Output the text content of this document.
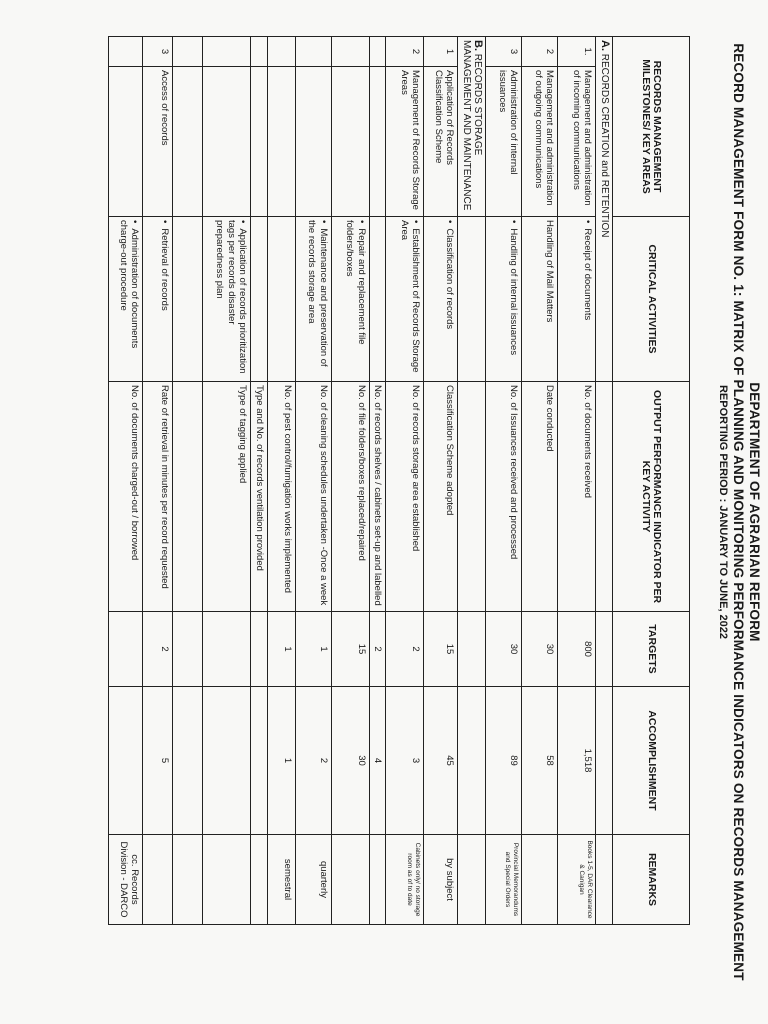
DEPARTMENT OF AGRARIAN REFORM
RECORD MANAGEMENT FORM NO. 1: MATRIX OF PLANNING AND MONITORING PERFORMANCE INDICATORS ON RECORDS MANAGEMENT
REPORTING PERIOD : JANUARY TO JUNE, 2022
RECORDS MANAGEMENT MILESTONES/ KEY AREAS		CRITICAL ACTIVITIES	OUTPUT PERFORMANCE INDICATOR PER KEY ACTIVITY	TARGETS	ACCOMPLISHMENT	REMARKS
A. RECORDS CREATION and RETENTION						
1.	Management and administration of incoming communications	• Receipt of documents	No. of documents received	800	1,518	Books 1-5, DAR Clearance & Canigan
2	Management and administration of outgoing communications	Handling of Mail Matters	Date conducted	30	58	
3	Administration of internal issuances	• Handling of internal issuances	No. of Issuances received and processed	30	89	Provincial Memorandums and Special Orders
B. RECORDS STORAGE MANAGEMENT AND MAINTENANCE						
1	Application of Records Classification Scheme	• Classification of records	Classification Scheme adopted	15	45	by subject
2	Management of Records Storage Areas	• Establishment of Records Storage Area	No. of records storage area established	2	3	Cabinets only/ no storage room as of to date
			No. of records shelves / cabinets set-up and labelled	2	4	
		• Repair and replacement file folders/boxes	No. of file folders/boxes replaced/repaired	15	30	
		• Maintenance and preservation of the records storage area	No. of cleaning schedules undertaken -Once a week	1	2	quarterly
			No. of pest control/fumigation works implemented	1	1	semestral
			Type and No. of records ventilation provided			
		• Application of records prioritization tags per records disaster preparedness plan	Type of tagging applied			

3	Access of records	• Retrieval of records	Rate of retrieval in minutes per record requested	2	5	
		• Administration of documents charge-out procedure	No. of documents charged-out / borrowed			cc. Records Division - DARCO
